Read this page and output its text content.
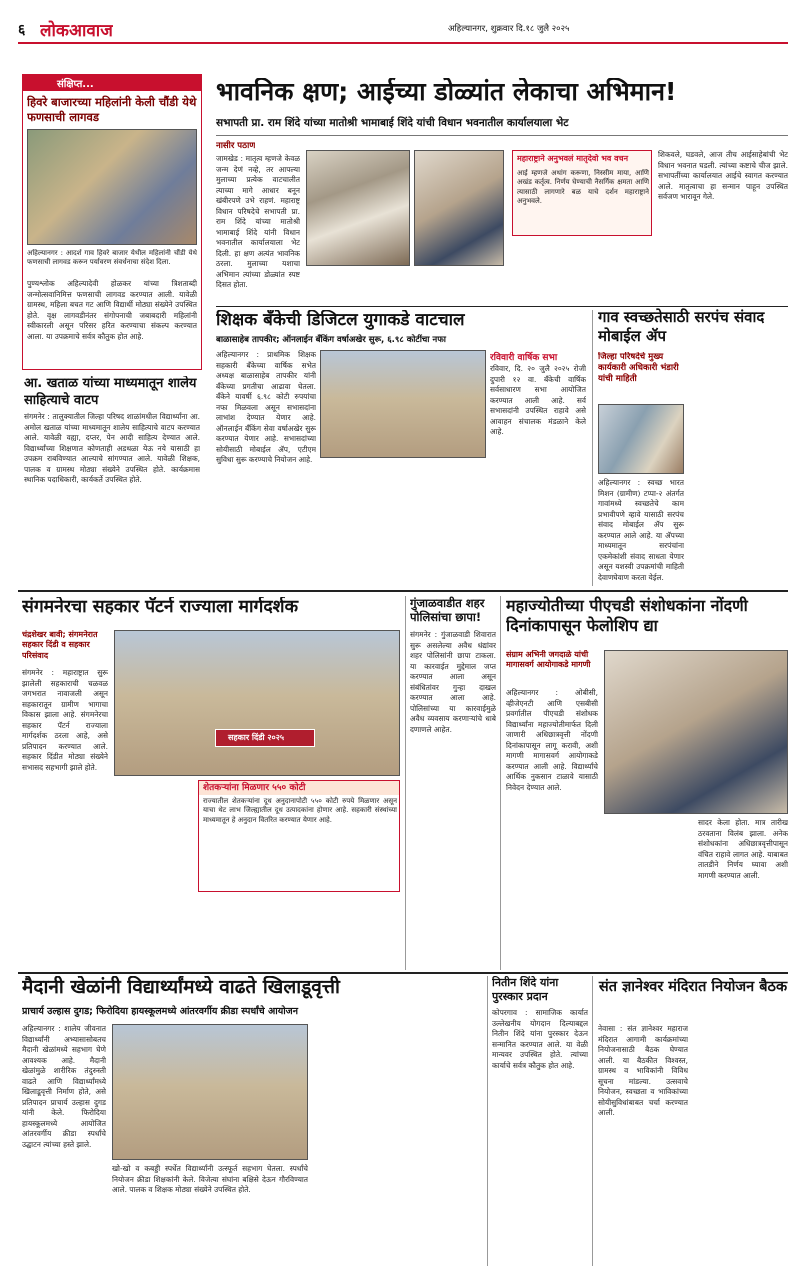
६ लोकआवाज	अहिल्यानगर, शुक्रवार दि.१८ जुलै २०२५
संक्षिप्त...
हिवरे बाजारच्या महिलांनी केली चौंडी येथे फणसाची लागवड
अहिल्यानगर : आदर्श गाव हिवरे बाजार येथील महिलांनी चौंडी येथे फणसाची लागवड करून पर्यावरण संवर्धनाचा संदेश दिला.
पुण्यश्लोक अहिल्यादेवी होळकर यांच्या त्रिशताब्दी जन्मोत्सवानिमित्त फणसाची लागवड करण्यात आली. यावेळी ग्रामस्थ, महिला बचत गट आणि विद्यार्थी मोठ्या संख्येने उपस्थित होते. वृक्ष लागवडीनंतर संगोपनाची जबाबदारी महिलांनी स्वीकारली असून परिसर हरित करण्याचा संकल्प करण्यात आला. या उपक्रमाचे सर्वत्र कौतुक होत आहे.
आ. खताळ यांच्या माध्यमातून शालेय साहित्याचे वाटप
संगमनेर : तालुक्यातील जिल्हा परिषद शाळांमधील विद्यार्थ्यांना आ. अमोल खताळ यांच्या माध्यमातून शालेय साहित्याचे वाटप करण्यात आले. यावेळी वह्या, दप्तर, पेन आदी साहित्य देण्यात आले. विद्यार्थ्यांच्या शिक्षणात कोणताही अडथळा येऊ नये यासाठी हा उपक्रम राबविण्यात आल्याचे सांगण्यात आले. यावेळी शिक्षक, पालक व ग्रामस्थ मोठ्या संख्येने उपस्थित होते. कार्यक्रमास स्थानिक पदाधिकारी, कार्यकर्ते उपस्थित होते.
भावनिक क्षण; आईच्या डोळ्यांत लेकाचा अभिमान!
सभापती प्रा. राम शिंदे यांच्या मातोश्री भामाबाई शिंदे यांची विधान भवनातील कार्यालयाला भेट
नासीर पठाण
जामखेड : मातृत्व म्हणजे केवळ जन्म देणं नव्हे, तर आपल्या मुलाच्या प्रत्येक वाटचालीत त्याच्या मागे आधार बनून खंबीरपणे उभे राहणं. महाराष्ट्र विधान परिषदेचे सभापती प्रा. राम शिंदे यांच्या मातोश्री भामाबाई शिंदे यांनी विधान भवनातील कार्यालयाला भेट दिली. हा क्षण अत्यंत भावनिक ठरला. मुलाच्या यशाचा अभिमान त्यांच्या डोळ्यांत स्पष्ट दिसत होता.
महाराष्ट्राने अनुभवलं मातृदेवो भव वचन
आई म्हणजे अथांग करूणा, निस्सीम माया, आणि अखंड कर्तृत्व. निर्णय घेण्याची नैसर्गिक क्षमता आणि त्यासाठी लागणारे बळ याचे दर्शन महाराष्ट्राने अनुभवले.
शिकवले, घडवले, आज तीच आईसाहेबांची भेट विधान भवनात घडली. त्यांच्या कष्टाचे चीज झाले. सभापतींच्या कार्यालयात आईचे स्वागत करण्यात आले. मातृत्वाचा हा सन्मान पाहून उपस्थित सर्वजण भारावून गेले.
शिक्षक बँकेची डिजिटल युगाकडे वाटचाल
बाळासाहेब तापकीर; ऑनलाईन बँकिंग वर्षाअखेर सुरू, ६.९८ कोटींचा नफा
अहिल्यानगर : प्राथमिक शिक्षक सहकारी बँकेच्या वार्षिक सभेत अध्यक्ष बाळासाहेब तापकीर यांनी बँकेच्या प्रगतीचा आढावा घेतला. बँकेने यावर्षी ६.९८ कोटी रुपयांचा नफा मिळवला असून सभासदांना लाभांश देण्यात येणार आहे. ऑनलाईन बँकिंग सेवा वर्षाअखेर सुरू करण्यात येणार आहे. सभासदांच्या सोयीसाठी मोबाईल ॲप, एटीएम सुविधा सुरू करण्याचे नियोजन आहे.
रविवारी वार्षिक सभा
रविवार, दि. २० जुलै २०२५ रोजी दुपारी १२ वा. बँकेची वार्षिक सर्वसाधारण सभा आयोजित करण्यात आली आहे. सर्व सभासदांनी उपस्थित राहावे असे आवाहन संचालक मंडळाने केले आहे.
गाव स्वच्छतेसाठी सरपंच संवाद मोबाईल ॲप
जिल्हा परिषदेचे मुख्य कार्यकारी अधिकारी भंडारी यांची माहिती
अहिल्यानगर : स्वच्छ भारत मिशन (ग्रामीण) टप्पा-२ अंतर्गत गावांमध्ये स्वच्छतेचे काम प्रभावीपणे व्हावे यासाठी सरपंच संवाद मोबाईल ॲप सुरू करण्यात आले आहे. या ॲपच्या माध्यमातून सरपंचांना एकमेकांशी संवाद साधता येणार असून यशस्वी उपक्रमांची माहिती देवाणघेवाण करता येईल.
संगमनेरचा सहकार पॅटर्न राज्याला मार्गदर्शक
चंद्रशेखर बावी; संगमनेरात सहकार दिंडी व सहकार परिसंवाद
संगमनेर : महाराष्ट्रात सुरू झालेली सहकाराची चळवळ जगभरात नावाजली असून सहकारातून ग्रामीण भागाचा विकास झाला आहे. संगमनेरचा सहकार पॅटर्न राज्याला मार्गदर्शक ठरला आहे, असे प्रतिपादन करण्यात आले. सहकार दिंडीत मोठ्या संख्येने सभासद सहभागी झाले होते.
सहकार दिंडी २०२५
शेतकऱ्यांना मिळणार ५५० कोटी
राज्यातील शेतकऱ्यांना दूध अनुदानापोटी ५५० कोटी रुपये मिळणार असून याचा थेट लाभ जिल्ह्यातील दूध उत्पादकांना होणार आहे. सहकारी संस्थांच्या माध्यमातून हे अनुदान वितरित करण्यात येणार आहे.
गुंजाळवाडीत शहर पोलिसांचा छापा!
संगमनेर : गुंजाळवाडी शिवारात सुरू असलेल्या अवैध धंद्यांवर शहर पोलिसांनी छापा टाकला. या कारवाईत मुद्देमाल जप्त करण्यात आला असून संबंधितांवर गुन्हा दाखल करण्यात आला आहे. पोलिसांच्या या कारवाईमुळे अवैध व्यवसाय करणाऱ्यांचे धाबे दणाणले आहेत.
महाज्योतीच्या पीएचडी संशोधकांना नोंदणी दिनांकापासून फेलोशिप द्या
संग्राम अभिनी जगदाळे यांची मागासवर्ग आयोगाकडे मागणी
अहिल्यानगर : ओबीसी, व्हीजेएनटी आणि एसबीसी प्रवर्गातील पीएचडी संशोधक विद्यार्थ्यांना महाज्योतीमार्फत दिली जाणारी अधिछात्रवृत्ती नोंदणी दिनांकापासून लागू करावी, अशी मागणी मागासवर्ग आयोगाकडे करण्यात आली आहे. विद्यार्थ्यांचे आर्थिक नुकसान टाळावे यासाठी निवेदन देण्यात आले.
सादर केला होता. मात्र तारीख ठरवताना विलंब झाला. अनेक संशोधकांना अधिछात्रवृत्तीपासून वंचित राहावे लागत आहे. याबाबत तातडीने निर्णय घ्यावा अशी मागणी करण्यात आली.
मैदानी खेळांनी विद्यार्थ्यांमध्ये वाढते खिलाडूवृत्ती
प्राचार्य उल्हास दुगड; फिरोदिया हायस्कूलमध्ये आंतरवर्गीय क्रीडा स्पर्धांचे आयोजन
अहिल्यानगर : शालेय जीवनात विद्यार्थ्यांनी अभ्यासासोबतच मैदानी खेळांमध्ये सहभाग घेणे आवश्यक आहे. मैदानी खेळांमुळे शारीरिक तंदुरुस्ती वाढते आणि विद्यार्थ्यांमध्ये खिलाडूवृत्ती निर्माण होते, असे प्रतिपादन प्राचार्य उल्हास दुगड यांनी केले. फिरोदिया हायस्कूलमध्ये आयोजित आंतरवर्गीय क्रीडा स्पर्धांचे उद्घाटन त्यांच्या हस्ते झाले.
खो-खो व कबड्डी स्पर्धेत विद्यार्थ्यांनी उत्स्फूर्त सहभाग घेतला. स्पर्धांचे नियोजन क्रीडा शिक्षकांनी केले. विजेत्या संघांना बक्षिसे देऊन गौरविण्यात आले. पालक व शिक्षक मोठ्या संख्येने उपस्थित होते.
नितीन शिंदे यांना पुरस्कार प्रदान
कोपरगाव : सामाजिक कार्यात उल्लेखनीय योगदान दिल्याबद्दल नितीन शिंदे यांना पुरस्कार देऊन सन्मानित करण्यात आले. या वेळी मान्यवर उपस्थित होते. त्यांच्या कार्याचे सर्वत्र कौतुक होत आहे.
संत ज्ञानेश्वर मंदिरात नियोजन बैठक
नेवासा : संत ज्ञानेश्वर महाराज मंदिरात आगामी कार्यक्रमांच्या नियोजनासाठी बैठक घेण्यात आली. या बैठकीत विश्वस्त, ग्रामस्थ व भाविकांनी विविध सूचना मांडल्या. उत्सवाचे नियोजन, स्वच्छता व भाविकांच्या सोयीसुविधांबाबत चर्चा करण्यात आली.
